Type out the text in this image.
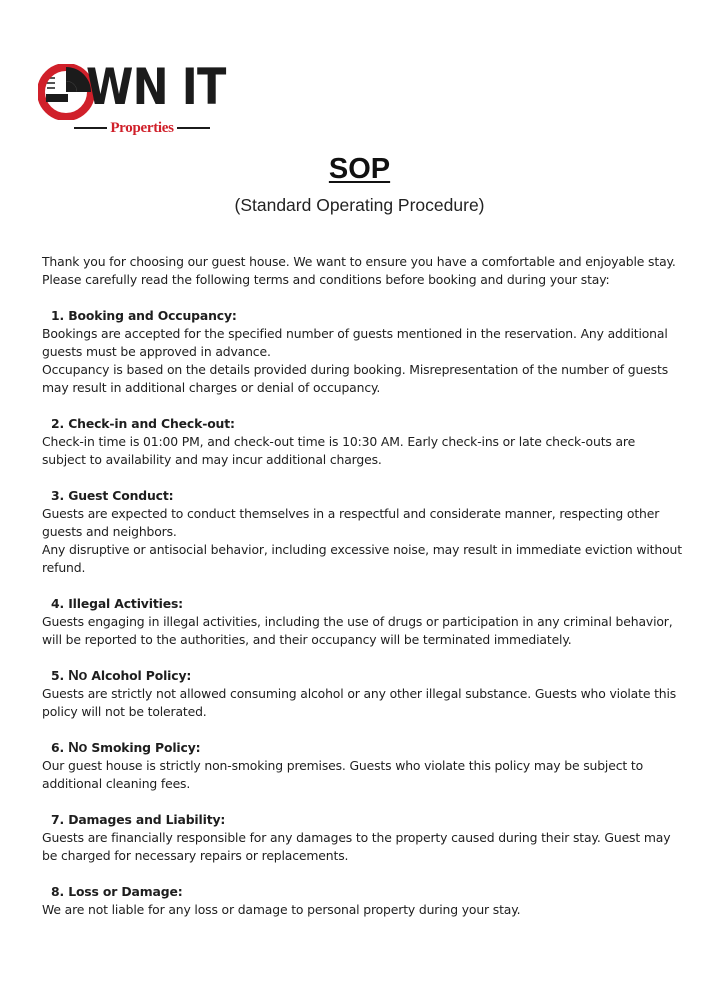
WN IT
Properties
SOP
(Standard Operating Procedure)

Thank you for choosing our guest house. We want to ensure you have a comfortable and enjoyable stay. Please carefully read the following terms and conditions before booking and during your stay:

1. Booking and Occupancy:

Bookings are accepted for the specified number of guests mentioned in the reservation. Any additional guests must be approved in advance.

Occupancy is based on the details provided during booking. Misrepresentation of the number of guests may result in additional charges or denial of occupancy.

2. Check-in and Check-out:

Check-in time is 01:00 PM, and check-out time is 10:30 AM. Early check-ins or late check-outs are subject to availability and may incur additional charges.

3. Guest Conduct:

Guests are expected to conduct themselves in a respectful and considerate manner, respecting other guests and neighbors.

Any disruptive or antisocial behavior, including excessive noise, may result in immediate eviction without refund.

4. Illegal Activities:

Guests engaging in illegal activities, including the use of drugs or participation in any criminal behavior, will be reported to the authorities, and their occupancy will be terminated immediately.

5. No Alcohol Policy:

Guests are strictly not allowed consuming alcohol or any other illegal substance. Guests who violate this policy will not be tolerated.

6. No Smoking Policy:

Our guest house is strictly non-smoking premises. Guests who violate this policy may be subject to additional cleaning fees.

7. Damages and Liability:

Guests are financially responsible for any damages to the property caused during their stay. Guest may be charged for necessary repairs or replacements.

8. Loss or Damage:

We are not liable for any loss or damage to personal property during your stay.
